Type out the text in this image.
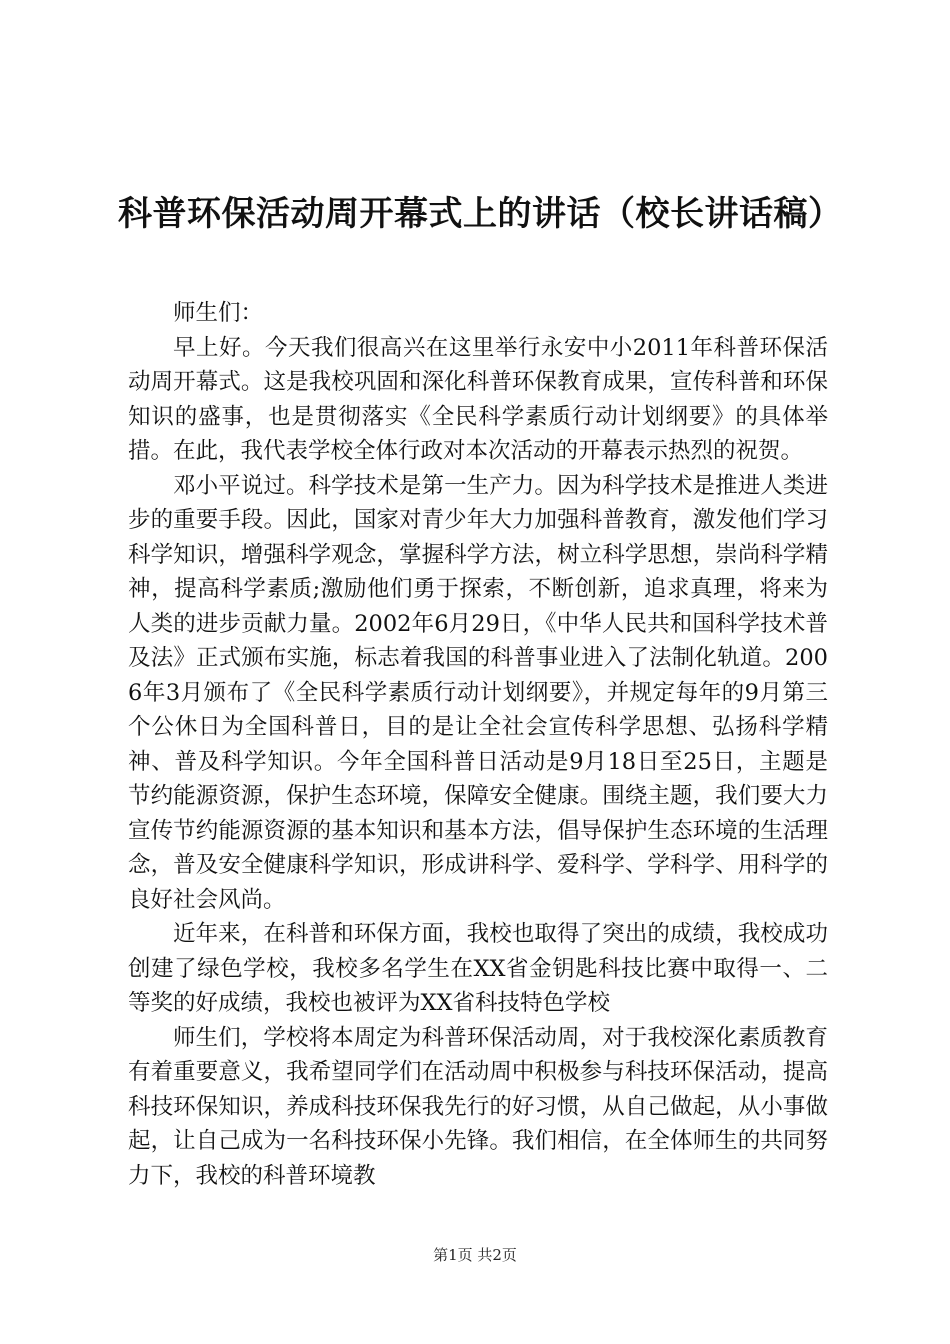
科普环保活动周开幕式上的讲话（校长讲话稿）

师生们：

早上好。今天我们很高兴在这里举行永安中小2011年科普环保活动周开幕式。这是我校巩固和深化科普环保教育成果，宣传科普和环保知识的盛事，也是贯彻落实《全民科学素质行动计划纲要》的具体举措。在此，我代表学校全体行政对本次活动的开幕表示热烈的祝贺。

邓小平说过。科学技术是第一生产力。因为科学技术是推进人类进步的重要手段。因此，国家对青少年大力加强科普教育，激发他们学习科学知识，增强科学观念，掌握科学方法，树立科学思想，崇尚科学精神，提高科学素质;激励他们勇于探索，不断创新，追求真理，将来为人类的进步贡献力量。2002年6月29日，《中华人民共和国科学技术普及法》正式颁布实施，标志着我国的科普事业进入了法制化轨道。2006年3月颁布了《全民科学素质行动计划纲要》，并规定每年的9月第三个公休日为全国科普日，目的是让全社会宣传科学思想、弘扬科学精神、普及科学知识。今年全国科普日活动是9月18日至25日，主题是节约能源资源，保护生态环境，保障安全健康。围绕主题，我们要大力宣传节约能源资源的基本知识和基本方法，倡导保护生态环境的生活理念，普及安全健康科学知识，形成讲科学、爱科学、学科学、用科学的良好社会风尚。

近年来，在科普和环保方面，我校也取得了突出的成绩，我校成功创建了绿色学校，我校多名学生在XX省金钥匙科技比赛中取得一、二等奖的好成绩，我校也被评为XX省科技特色学校

师生们，学校将本周定为科普环保活动周，对于我校深化素质教育有着重要意义，我希望同学们在活动周中积极参与科技环保活动，提高科技环保知识，养成科技环保我先行的好习惯，从自己做起，从小事做起，让自己成为一名科技环保小先锋。我们相信，在全体师生的共同努力下，我校的科普环境教

第1页 共2页
